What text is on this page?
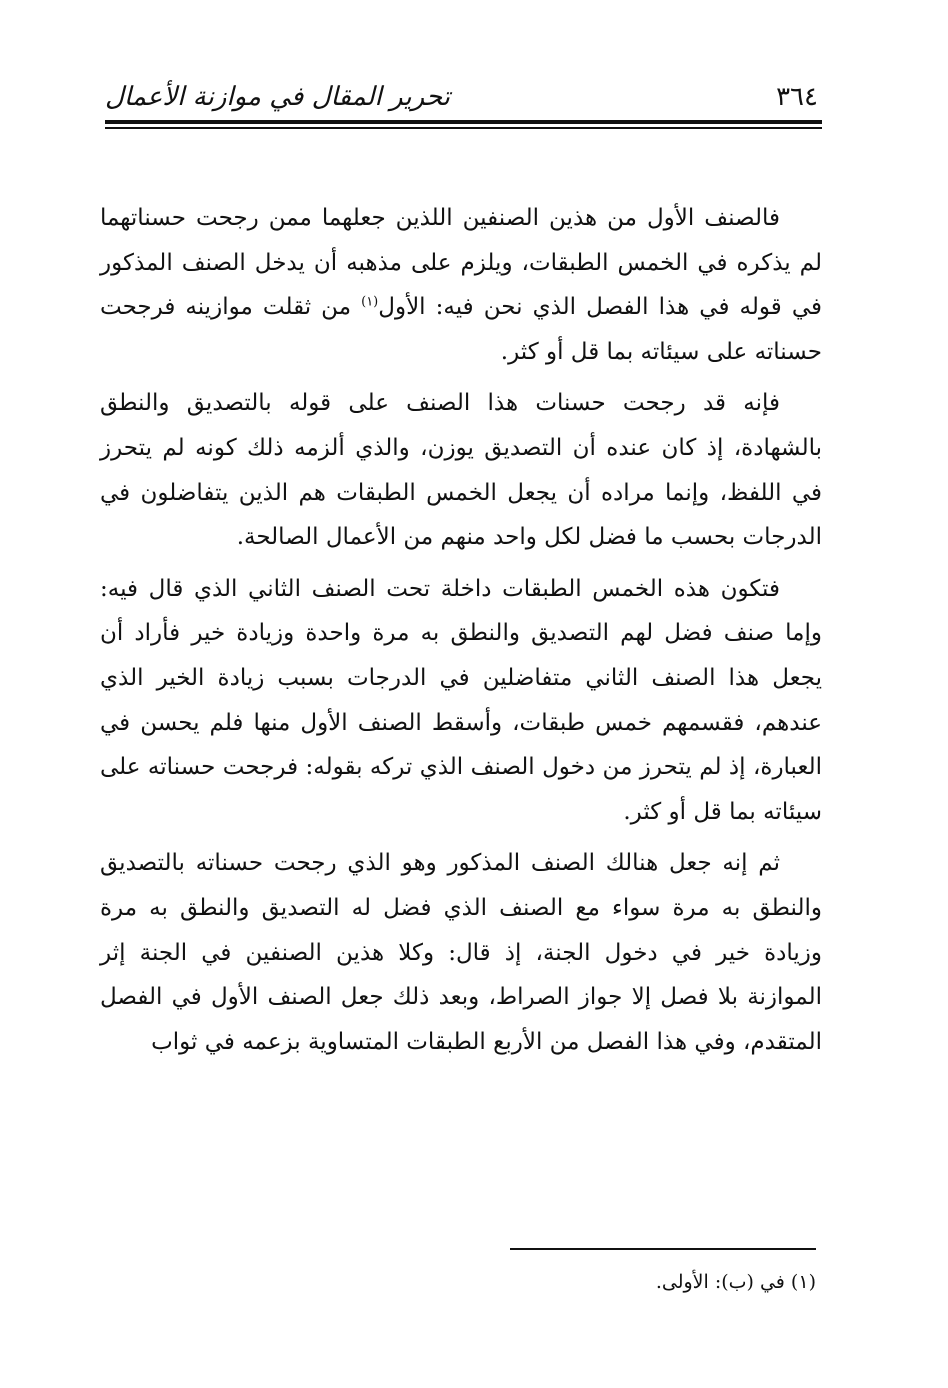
تحرير المقال في موازنة الأعمال	٣٦٤

فالصنف الأول من هذين الصنفين اللذين جعلهما ممن رجحت حسناتهما لم يذكره في الخمس الطبقات، ويلزم على مذهبه أن يدخل الصنف المذكور في قوله في هذا الفصل الذي نحن فيه: الأول$^{(١)}$ من ثقلت موازينه فرجحت حسناته على سيئاته بما قل أو كثر.

فإنه قد رجحت حسنات هذا الصنف على قوله بالتصديق والنطق بالشهادة، إذ كان عنده أن التصديق يوزن، والذي ألزمه ذلك كونه لم يتحرز في اللفظ، وإنما مراده أن يجعل الخمس الطبقات هم الذين يتفاضلون في الدرجات بحسب ما فضل لكل واحد منهم من الأعمال الصالحة.

فتكون هذه الخمس الطبقات داخلة تحت الصنف الثاني الذي قال فيه: وإما صنف فضل لهم التصديق والنطق به مرة واحدة وزيادة خير فأراد أن يجعل هذا الصنف الثاني متفاضلين في الدرجات بسبب زيادة الخير الذي عندهم، فقسمهم خمس طبقات، وأسقط الصنف الأول منها فلم يحسن في العبارة، إذ لم يتحرز من دخول الصنف الذي تركه بقوله: فرجحت حسناته على سيئاته بما قل أو كثر.

ثم إنه جعل هنالك الصنف المذكور وهو الذي رجحت حسناته بالتصديق والنطق به مرة سواء مع الصنف الذي فضل له التصديق والنطق به مرة وزيادة خير في دخول الجنة، إذ قال: وكلا هذين الصنفين في الجنة إثر الموازنة بلا فصل إلا جواز الصراط، وبعد ذلك جعل الصنف الأول في الفصل المتقدم، وفي هذا الفصل من الأربع الطبقات المتساوية بزعمه في ثواب

(١) في (ب): الأولى.
